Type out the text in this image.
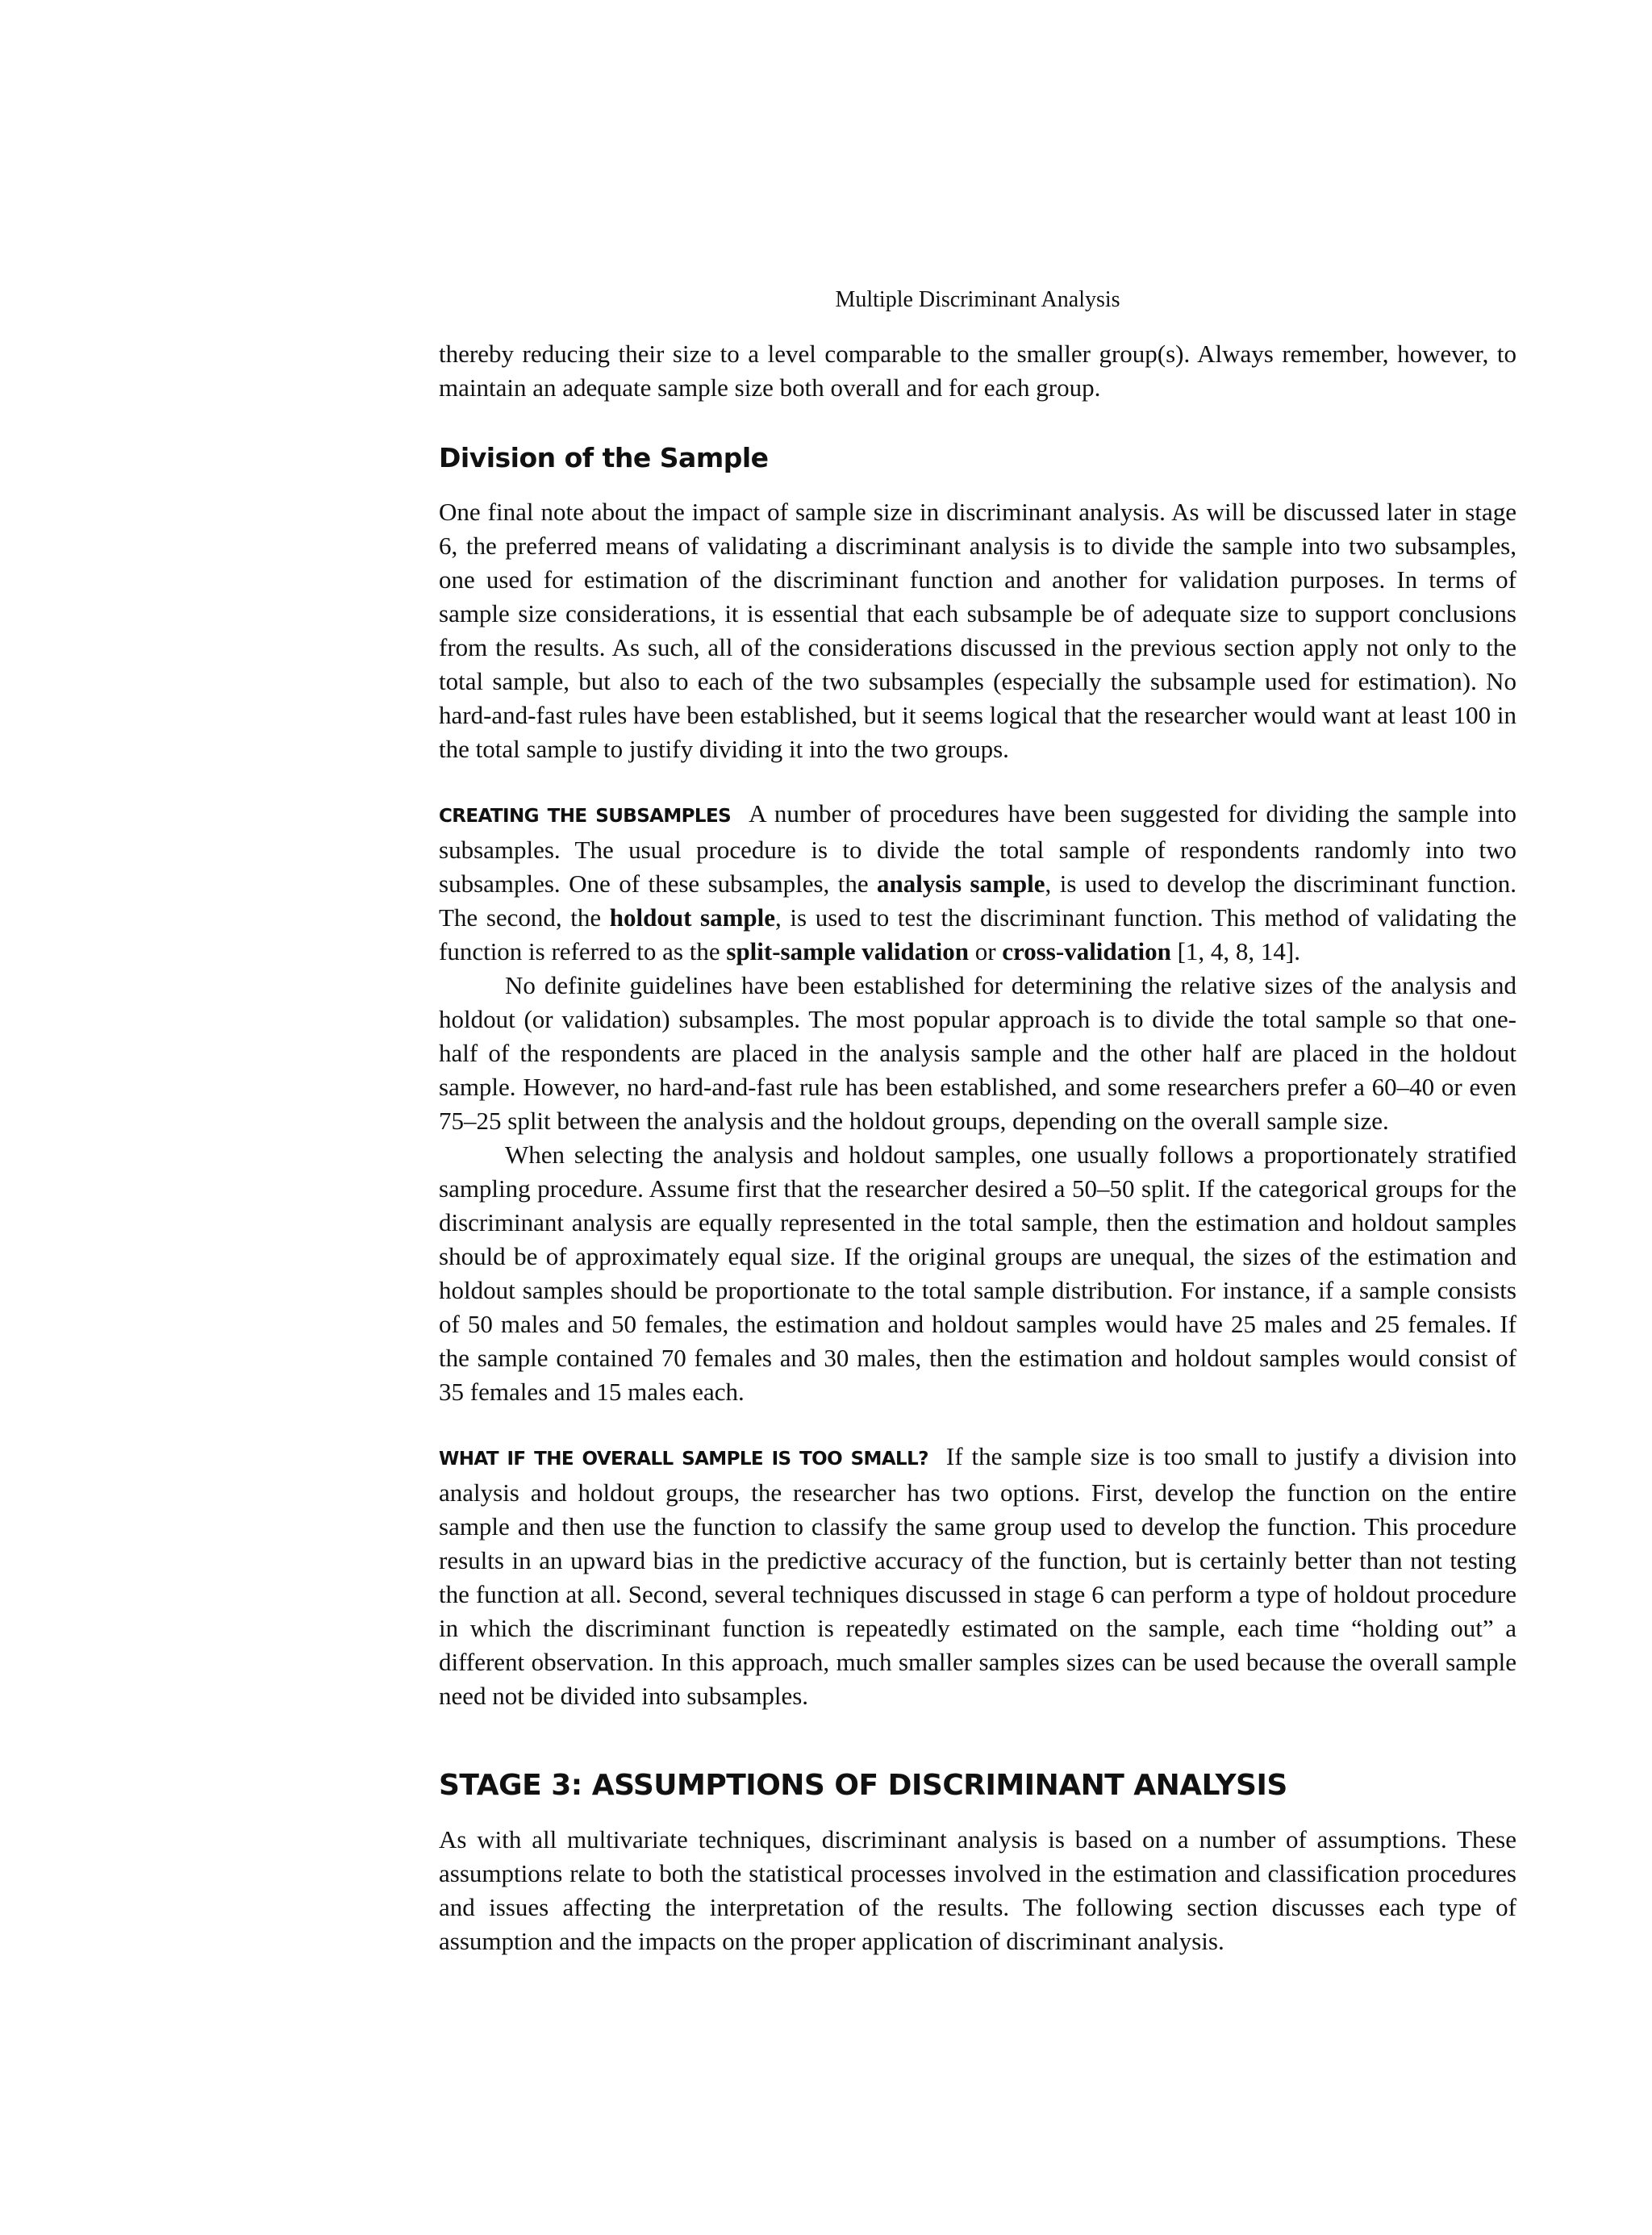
Multiple Discriminant Analysis

thereby reducing their size to a level comparable to the smaller group(s). Always remember, however, to maintain an adequate sample size both overall and for each group.

Division of the Sample

One final note about the impact of sample size in discriminant analysis. As will be discussed later in stage 6, the preferred means of validating a discriminant analysis is to divide the sample into two subsamples, one used for estimation of the discriminant function and another for validation purposes. In terms of sample size considerations, it is essential that each subsample be of adequate size to support conclusions from the results. As such, all of the considerations discussed in the previous section apply not only to the total sample, but also to each of the two subsamples (especially the subsample used for estimation). No hard-and-fast rules have been established, but it seems logical that the researcher would want at least 100 in the total sample to justify dividing it into the two groups.

CREATING THE SUBSAMPLES A number of procedures have been suggested for dividing the sample into subsamples. The usual procedure is to divide the total sample of respondents randomly into two subsamples. One of these subsamples, the analysis sample, is used to develop the discriminant function. The second, the holdout sample, is used to test the discriminant function. This method of validating the function is referred to as the split-sample validation or cross-validation [1, 4, 8, 14].

No definite guidelines have been established for determining the relative sizes of the analysis and holdout (or validation) subsamples. The most popular approach is to divide the total sample so that one-half of the respondents are placed in the analysis sample and the other half are placed in the holdout sample. However, no hard-and-fast rule has been established, and some researchers prefer a 60–40 or even 75–25 split between the analysis and the holdout groups, depending on the overall sample size.

When selecting the analysis and holdout samples, one usually follows a proportionately stratified sampling procedure. Assume first that the researcher desired a 50–50 split. If the categorical groups for the discriminant analysis are equally represented in the total sample, then the estimation and holdout samples should be of approximately equal size. If the original groups are unequal, the sizes of the estimation and holdout samples should be proportionate to the total sample distribution. For instance, if a sample consists of 50 males and 50 females, the estimation and holdout samples would have 25 males and 25 females. If the sample contained 70 females and 30 males, then the estimation and holdout samples would consist of 35 females and 15 males each.

WHAT IF THE OVERALL SAMPLE IS TOO SMALL? If the sample size is too small to justify a division into analysis and holdout groups, the researcher has two options. First, develop the function on the entire sample and then use the function to classify the same group used to develop the function. This procedure results in an upward bias in the predictive accuracy of the function, but is certainly better than not testing the function at all. Second, several techniques discussed in stage 6 can perform a type of holdout procedure in which the discriminant function is repeatedly estimated on the sample, each time “holding out” a different observation. In this approach, much smaller samples sizes can be used because the overall sample need not be divided into subsamples.

STAGE 3: ASSUMPTIONS OF DISCRIMINANT ANALYSIS

As with all multivariate techniques, discriminant analysis is based on a number of assumptions. These assumptions relate to both the statistical processes involved in the estimation and classification procedures and issues affecting the interpretation of the results. The following section discusses each type of assumption and the impacts on the proper application of discriminant analysis.
